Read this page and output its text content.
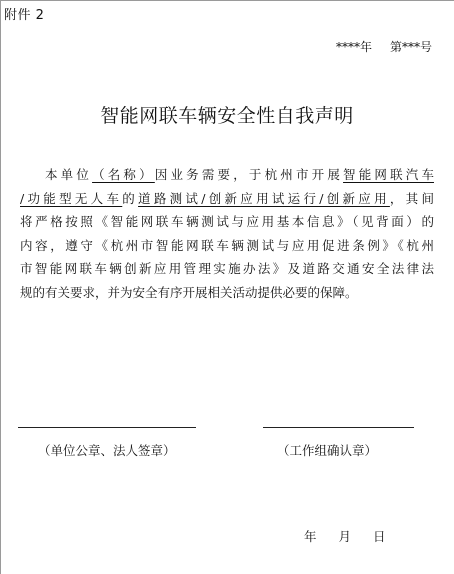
附件 2
****年 第***号
智能网联车辆安全性自我声明
本单位（名称）因业务需要，于杭州市开展智能网联汽车
/功能型无人车的道路测试/创新应用试运行/创新应用，其间
将严格按照《智能网联车辆测试与应用基本信息》（见背面）的
内容，遵守《杭州市智能网联车辆测试与应用促进条例》《杭州
市智能网联车辆创新应用管理实施办法》及道路交通安全法律法
规的有关要求，并为安全有序开展相关活动提供必要的保障。
（单位公章、法人签章）	（工作组确认章）
年 月 日
